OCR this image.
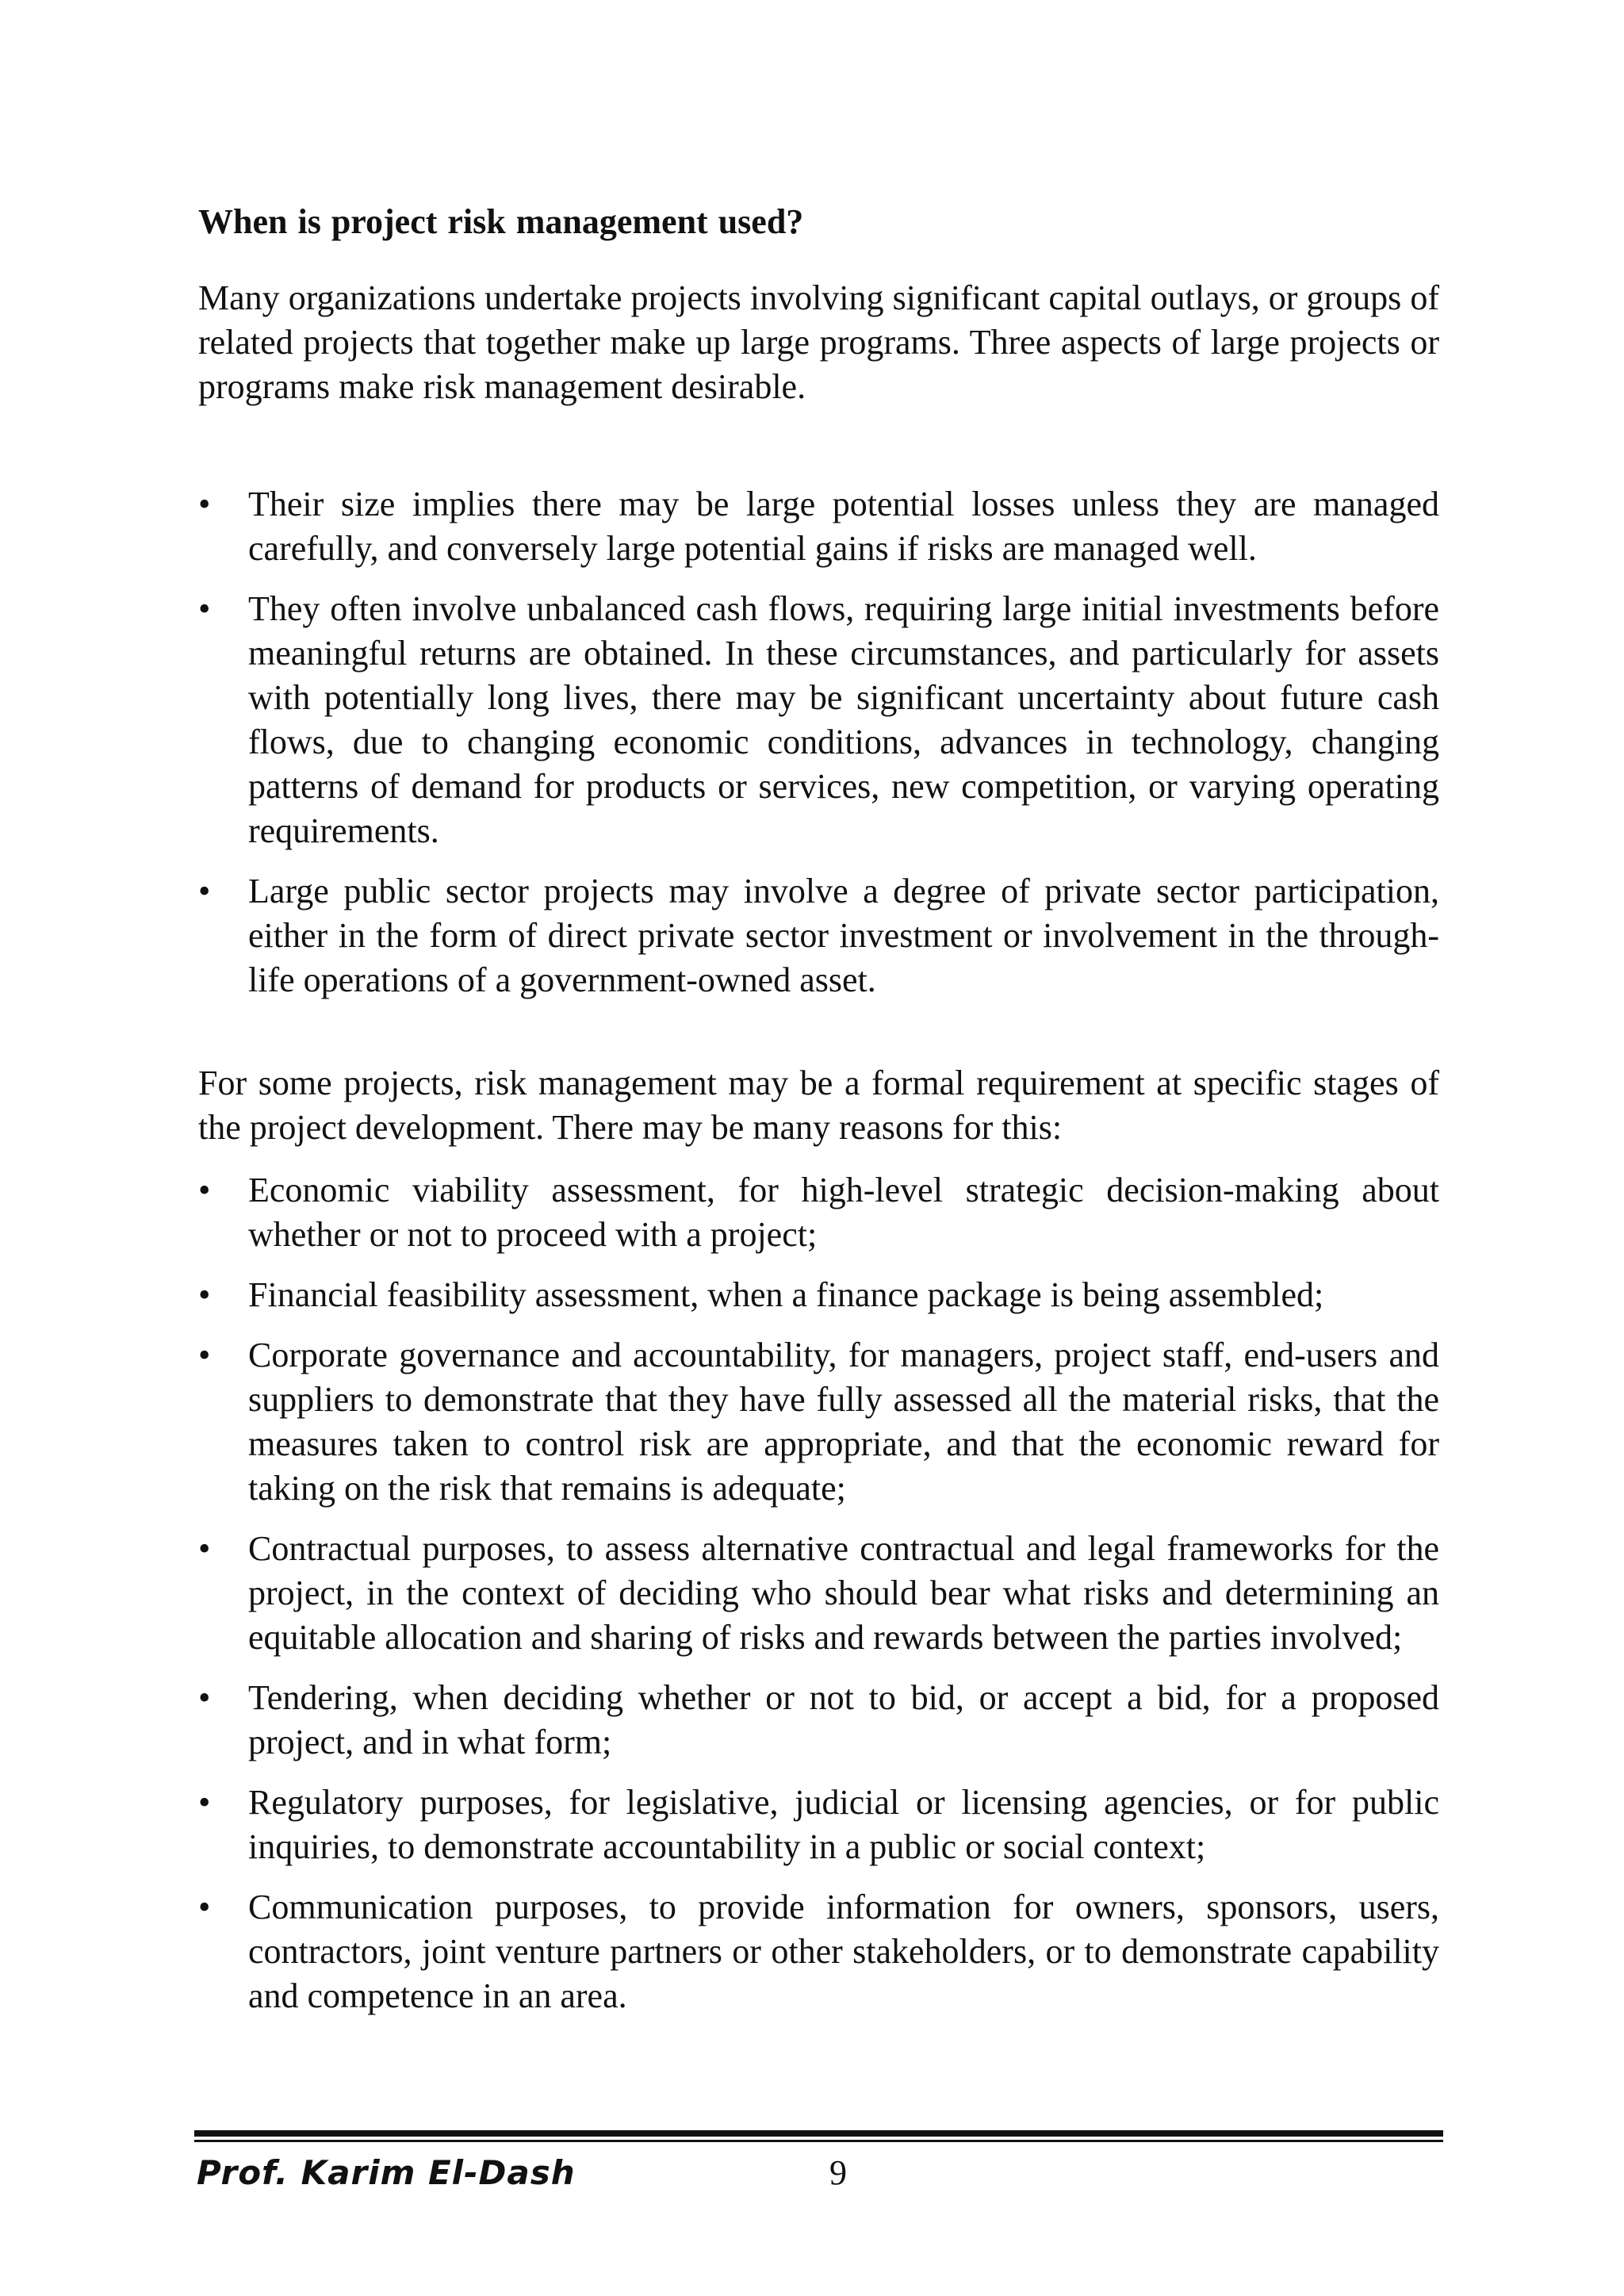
When is project risk management used?

Many organizations undertake projects involving significant capital outlays, or groups of related projects that together make up large programs. Three aspects of large projects or programs make risk management desirable.

•	Their size implies there may be large potential losses unless they are managed carefully, and conversely large potential gains if risks are managed well.
•	They often involve unbalanced cash flows, requiring large initial investments before meaningful returns are obtained. In these circumstances, and particularly for assets with potentially long lives, there may be significant uncertainty about future cash flows, due to changing economic conditions, advances in technology, changing patterns of demand for products or services, new competition, or varying operating requirements.
•	Large public sector projects may involve a degree of private sector participation, either in the form of direct private sector investment or involvement in the through-life operations of a government-owned asset.

For some projects, risk management may be a formal requirement at specific stages of the project development. There may be many reasons for this:

•	Economic viability assessment, for high-level strategic decision-making about whether or not to proceed with a project;
•	Financial feasibility assessment, when a finance package is being assembled;
•	Corporate governance and accountability, for managers, project staff, end-users and suppliers to demonstrate that they have fully assessed all the material risks, that the measures taken to control risk are appropriate, and that the economic reward for taking on the risk that remains is adequate;
•	Contractual purposes, to assess alternative contractual and legal frameworks for the project, in the context of deciding who should bear what risks and determining an equitable allocation and sharing of risks and rewards between the parties involved;
•	Tendering, when deciding whether or not to bid, or accept a bid, for a proposed project, and in what form;
•	Regulatory purposes, for legislative, judicial or licensing agencies, or for public inquiries, to demonstrate accountability in a public or social context;
•	Communication purposes, to provide information for owners, sponsors, users, contractors, joint venture partners or other stakeholders, or to demonstrate capability and competence in an area.
Prof. Karim El-Dash	9
